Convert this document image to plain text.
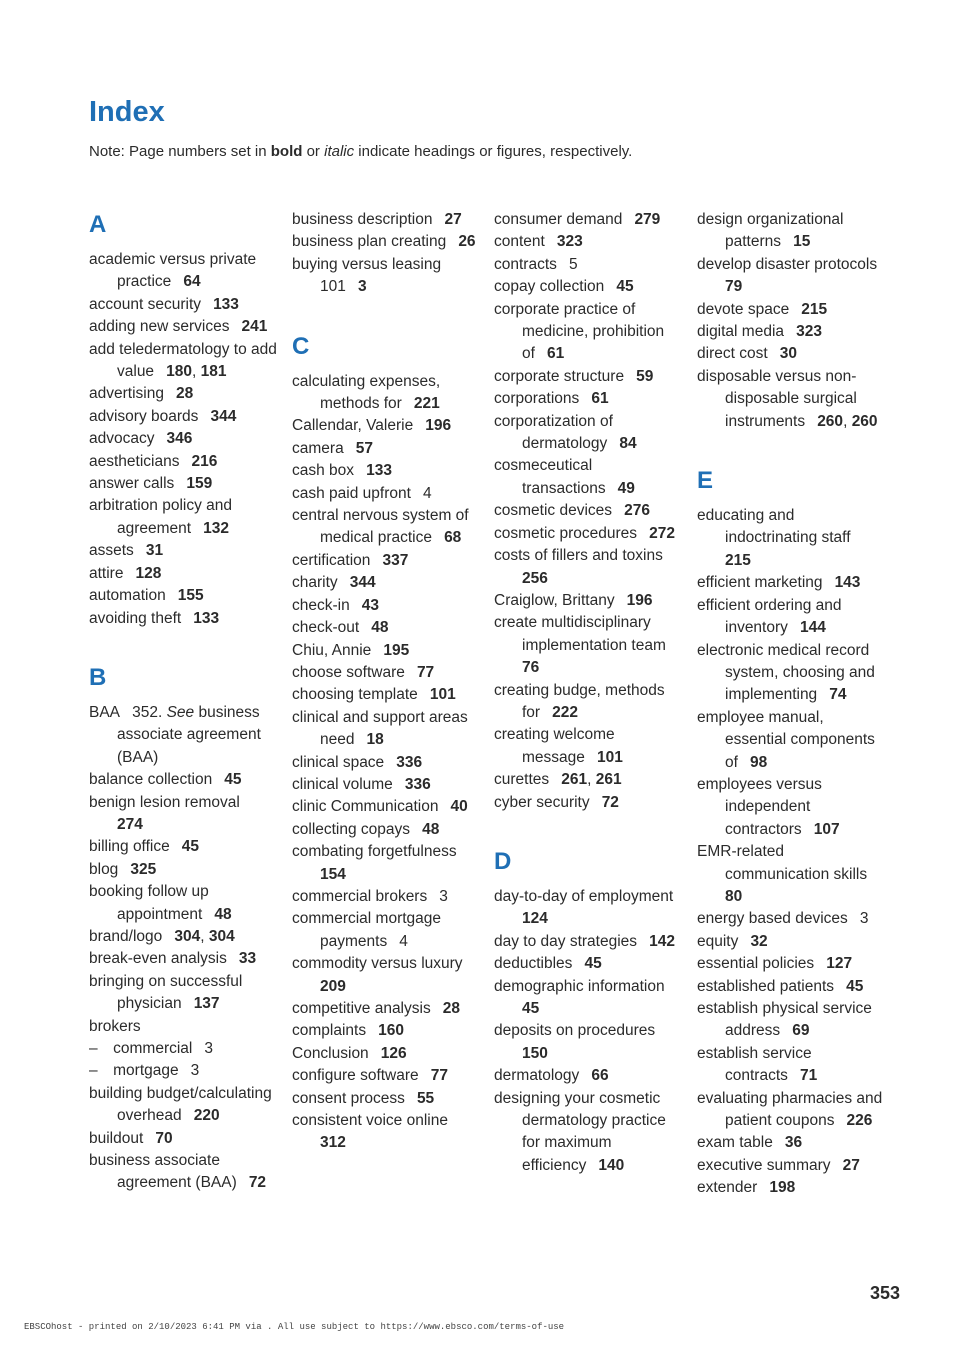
Index
Note: Page numbers set in bold or italic indicate headings or figures, respectively.
A
academic versus private practice  64
account security  133
adding new services  241
add teledermatology to add value  180, 181
advertising  28
advisory boards  344
advocacy  346
aestheticians  216
answer calls  159
arbitration policy and agreement  132
assets  31
attire  128
automation  155
avoiding theft  133
B
BAA  352. See business associate agreement (BAA)
balance collection  45
benign lesion removal  274
billing office  45
blog  325
booking follow up appointment  48
brand/logo  304, 304
break-even analysis  33
bringing on successful physician  137
brokers
– commercial  3
– mortgage  3
building budget/calculating overhead  220
buildout  70
business associate agreement (BAA)  72
business description  27
business plan creating  26
buying versus leasing  101  3
C
calculating expenses, methods for  221
Callendar, Valerie  196
camera  57
cash box  133
cash paid upfront  4
central nervous system of medical practice  68
certification  337
charity  344
check-in  43
check-out  48
Chiu, Annie  195
choose software  77
choosing template  101
clinical and support areas need  18
clinical space  336
clinical volume  336
clinic Communication  40
collecting copays  48
combating forgetfulness  154
commercial brokers  3
commercial mortgage payments  4
commodity versus luxury  209
competitive analysis  28
complaints  160
Conclusion  126
configure software  77
consent process  55
consistent voice online  312
consumer demand  279
content  323
contracts  5
copay collection  45
corporate practice of medicine, prohibition of  61
corporate structure  59
corporations  61
corporatization of dermatology  84
cosmeceutical transactions  49
cosmetic devices  276
cosmetic procedures  272
costs of fillers and toxins  256
Craiglow, Brittany  196
create multidisciplinary implementation team  76
creating budge, methods for  222
creating welcome message  101
curettes  261, 261
cyber security  72
D
day-to-day of employment  124
day to day strategies  142
deductibles  45
demographic information  45
deposits on procedures  150
dermatology  66
designing your cosmetic dermatology practice for maximum efficiency  140
design organizational patterns  15
develop disaster protocols  79
devote space  215
digital media  323
direct cost  30
disposable versus non-disposable surgical instruments  260, 260
E
educating and indoctrinating staff  215
efficient marketing  143
efficient ordering and inventory  144
electronic medical record system, choosing and implementing  74
employee manual, essential components of  98
employees versus independent contractors  107
EMR-related communication skills  80
energy based devices  3
equity  32
essential policies  127
established patients  45
establish physical service address  69
establish service contracts  71
evaluating pharmacies and patient coupons  226
exam table  36
executive summary  27
extender  198
353
EBSCOhost - printed on 2/10/2023 6:41 PM via . All use subject to https://www.ebsco.com/terms-of-use
